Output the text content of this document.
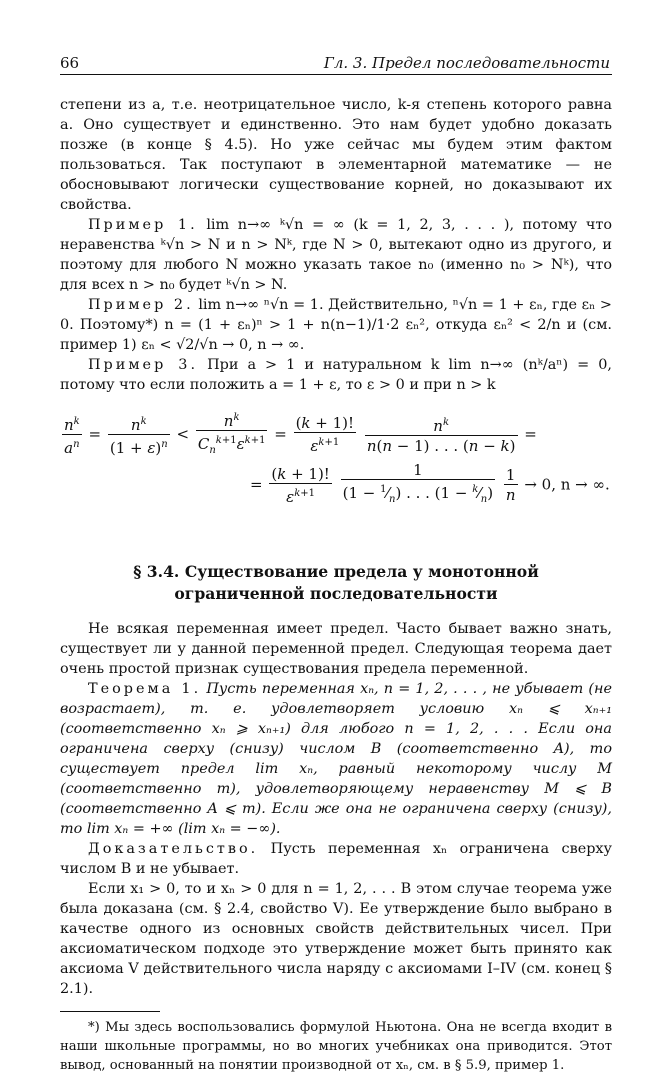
66	Гл. 3. Предел последовательности

степени из a, т.е. неотрицательное число, k-я степень которого равна a. Оно существует и единственно. Это нам будет удобно доказать позже (в конце § 4.5). Но уже сейчас мы будем этим фактом пользоваться. Так поступают в элементарной математике — не обосновывают логически существование корней, но доказывают их свойства.

Пример 1. lim n→∞ ᵏ√n = ∞ (k = 1, 2, 3, . . . ), потому что неравенства ᵏ√n > N и n > Nᵏ, где N > 0, вытекают одно из другого, и поэтому для любого N можно указать такое n₀ (именно n₀ > Nᵏ), что для всех n > n₀ будет ᵏ√n > N.

Пример 2. lim n→∞ ⁿ√n = 1. Действительно, ⁿ√n = 1 + εₙ, где εₙ > 0. Поэтому*) n = (1 + εₙ)ⁿ > 1 + n(n−1)/1·2 εₙ², откуда εₙ² < 2/n и (см. пример 1) εₙ < √2/√n → 0, n → ∞.

Пример 3. При a > 1 и натуральном k lim n→∞ (nᵏ/aⁿ) = 0, потому что если положить a = 1 + ε, то ε > 0 и при n > k

$\frac{n^k}{a^n} = \frac{n^k}{(1 + \varepsilon)^n} < \frac{n^k}{C_n^{k+1}\varepsilon^{k+1}} = \frac{(k + 1)!}{\varepsilon^{k+1}}$
$\frac{n^k}{n(n - 1) . . . (n - k)}$ =
= $\frac{(k + 1)!}{\varepsilon^{k+1}}$
$\frac{1}{(1 - ^1⁄_n) . . . (1 - ^k⁄_n)}$
$\frac{1}{n} \to 0$, n → ∞.
§ 3.4. Существование предела у монотонной
ограниченной последовательности

Не всякая переменная имеет предел. Часто бывает важно знать, существует ли у данной переменной предел. Следующая теорема дает очень простой признак существования предела переменной.

Теорема 1. Пусть переменная xₙ, n = 1, 2, . . . , не убывает (не возрастает), т. е. удовлетворяет условию xₙ ⩽ xₙ₊₁ (соответственно xₙ ⩾ xₙ₊₁) для любого n = 1, 2, . . . Если она ограничена сверху (снизу) числом B (соответственно A), то существует предел lim xₙ, равный некоторому числу M (соответственно m), удовлетворяющему неравенству M ⩽ B (соответственно A ⩽ m). Если же она не ограничена сверху (снизу), то lim xₙ = +∞ (lim xₙ = −∞).

Доказательство. Пусть переменная xₙ ограничена сверху числом B и не убывает.

Если x₁ > 0, то и xₙ > 0 для n = 1, 2, . . . В этом случае теорема уже была доказана (см. § 2.4, свойство V). Ее утверждение было выбрано в качестве одного из основных свойств действительных чисел. При аксиоматическом подходе это утверждение может быть принято как аксиома V действительного числа наряду с аксиомами I–IV (см. конец § 2.1).

*) Мы здесь воспользовались формулой Ньютона. Она не всегда входит в наши школьные программы, но во многих учебниках она приводится. Этот вывод, основанный на понятии производной от xₙ, см. в § 5.9, пример 1.
